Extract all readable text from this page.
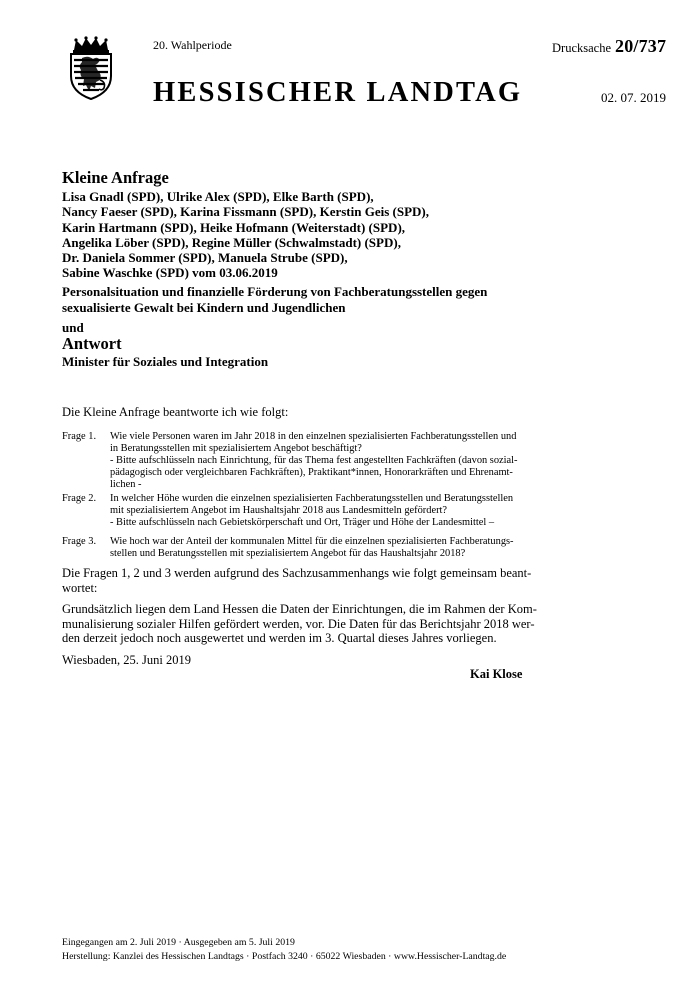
20. Wahlperiode	Drucksache 20/737
HESSISCHER LANDTAG	02. 07. 2019
Kleine Anfrage
Lisa Gnadl (SPD), Ulrike Alex (SPD), Elke Barth (SPD),
Nancy Faeser (SPD), Karina Fissmann (SPD), Kerstin Geis (SPD),
Karin Hartmann (SPD), Heike Hofmann (Weiterstadt) (SPD),
Angelika Löber (SPD), Regine Müller (Schwalmstadt) (SPD),
Dr. Daniela Sommer (SPD), Manuela Strube (SPD),
Sabine Waschke (SPD) vom 03.06.2019
Personalsituation und finanzielle Förderung von Fachberatungsstellen gegen
sexualisierte Gewalt bei Kindern und Jugendlichen
und
Antwort
Minister für Soziales und Integration
Die Kleine Anfrage beantworte ich wie folgt:
Frage 1.	Wie viele Personen waren im Jahr 2018 in den einzelnen spezialisierten Fachberatungsstellen und
in Beratungsstellen mit spezialisiertem Angebot beschäftigt?
- Bitte aufschlüsseln nach Einrichtung, für das Thema fest angestellten Fachkräften (davon sozial-
pädagogisch oder vergleichbaren Fachkräften), Praktikant*innen, Honorarkräften und Ehrenamt-
lichen -
Frage 2.	In welcher Höhe wurden die einzelnen spezialisierten Fachberatungsstellen und Beratungsstellen
mit spezialisiertem Angebot im Haushaltsjahr 2018 aus Landesmitteln gefördert?
- Bitte aufschlüsseln nach Gebietskörperschaft und Ort, Träger und Höhe der Landesmittel –
Frage 3.	Wie hoch war der Anteil der kommunalen Mittel für die einzelnen spezialisierten Fachberatungs-
stellen und Beratungsstellen mit spezialisiertem Angebot für das Haushaltsjahr 2018?
Die Fragen 1, 2 und 3 werden aufgrund des Sachzusammenhangs wie folgt gemeinsam beant-
wortet:
Grundsätzlich liegen dem Land Hessen die Daten der Einrichtungen, die im Rahmen der Kom-
munalisierung sozialer Hilfen gefördert werden, vor. Die Daten für das Berichtsjahr 2018 wer-
den derzeit jedoch noch ausgewertet und werden im 3. Quartal dieses Jahres vorliegen.
Wiesbaden, 25. Juni 2019
Kai Klose
Eingegangen am 2. Juli 2019 · Ausgegeben am 5. Juli 2019
Herstellung: Kanzlei des Hessischen Landtags · Postfach 3240 · 65022 Wiesbaden · www.Hessischer-Landtag.de
